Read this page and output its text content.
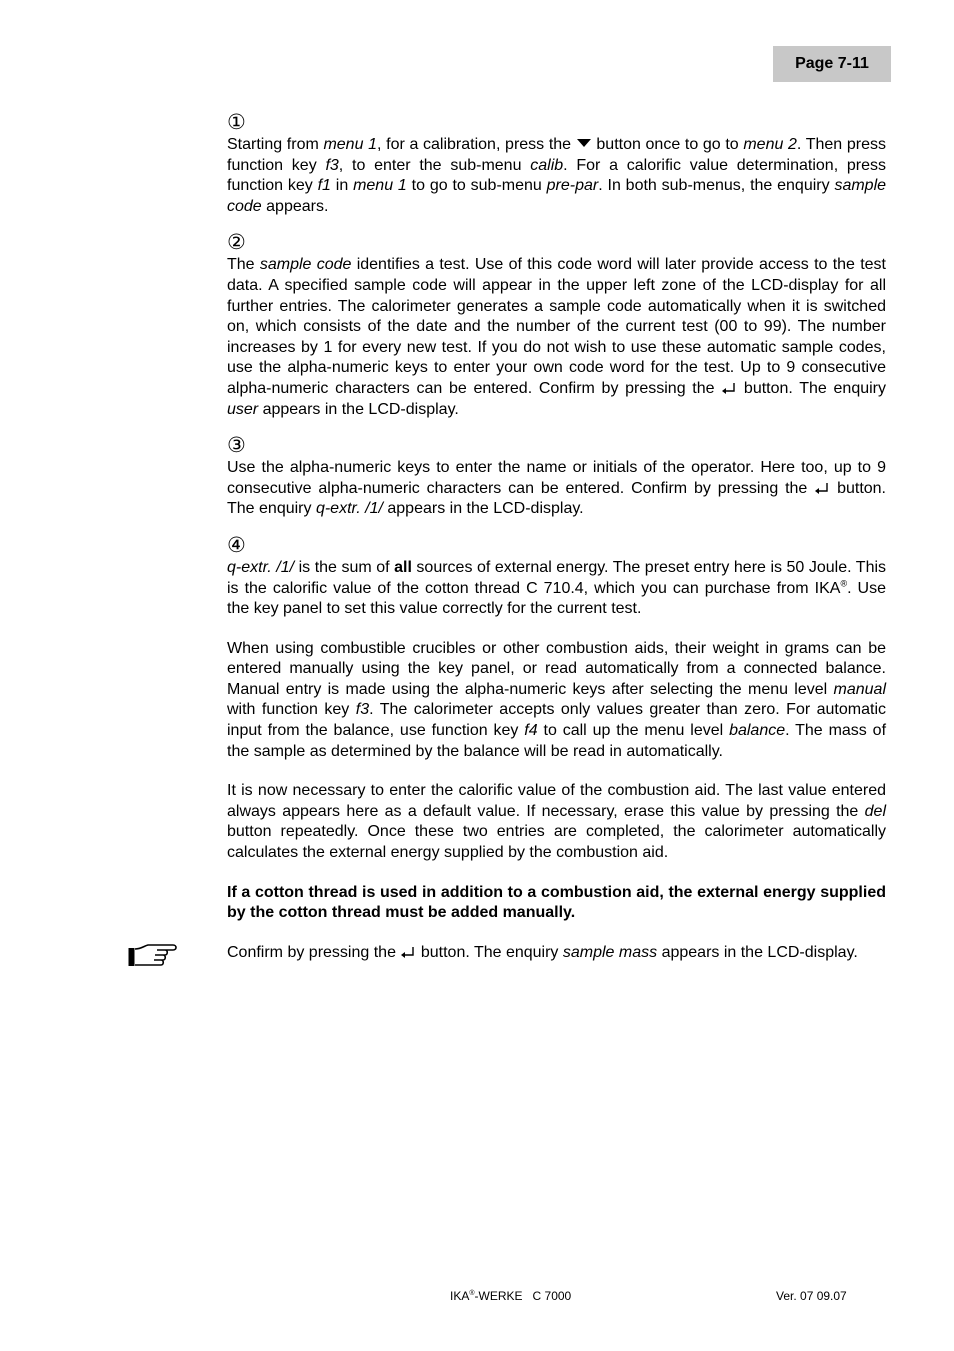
Page 7-11
①

Starting from menu 1, for a calibration, press the  button once to go to menu 2. Then press function key f3, to enter the sub-menu calib. For a calorific value determination, press function key f1 in menu 1 to go to sub-menu pre-par. In both sub-menus, the enquiry sample code appears.

②

The sample code identifies a test. Use of this code word will later provide access to the test data. A specified sample code will appear in the upper left zone of the LCD-display for all further entries. The calorimeter generates a sample code automatically when it is switched on, which consists of the date and the number of the current test (00 to 99). The number increases by 1 for every new test. If you do not wish to use these automatic sample codes, use the alpha-numeric keys to enter your own code word for the test. Up to 9 consecutive alpha-numeric characters can be entered. Confirm by pressing the  button. The enquiry user appears in the LCD-display.

③

Use the alpha-numeric keys to enter the name or initials of the operator. Here too, up to 9 consecutive alpha-numeric characters can be entered. Confirm by pressing the  button. The enquiry q-extr. /1/ appears in the LCD-display.

④

q-extr. /1/ is the sum of all sources of external energy. The preset entry here is 50 Joule. This is the calorific value of the cotton thread C 710.4, which you can purchase from IKA®. Use the key panel to set this value correctly for the current test.

When using combustible crucibles or other combustion aids, their weight in grams can be entered manually using the key panel, or read automatically from a connected balance. Manual entry is made using the alpha-numeric keys after selecting the menu level manual with function key f3. The calorimeter accepts only values greater than zero. For automatic input from the balance, use function key f4 to call up the menu level balance. The mass of the sample as determined by the balance will be read in automatically.

It is now necessary to enter the calorific value of the combustion aid. The last value entered always appears here as a default value. If necessary, erase this value by pressing the del button repeatedly. Once these two entries are completed, the calorimeter automatically calculates the external energy supplied by the combustion aid.

If a cotton thread is used in addition to a combustion aid, the external energy supplied by the cotton thread must be added manually.

Confirm by pressing the  button. The enquiry sample mass appears in the LCD-display.

IKA®-WERKE   C 7000	Ver. 07 09.07
